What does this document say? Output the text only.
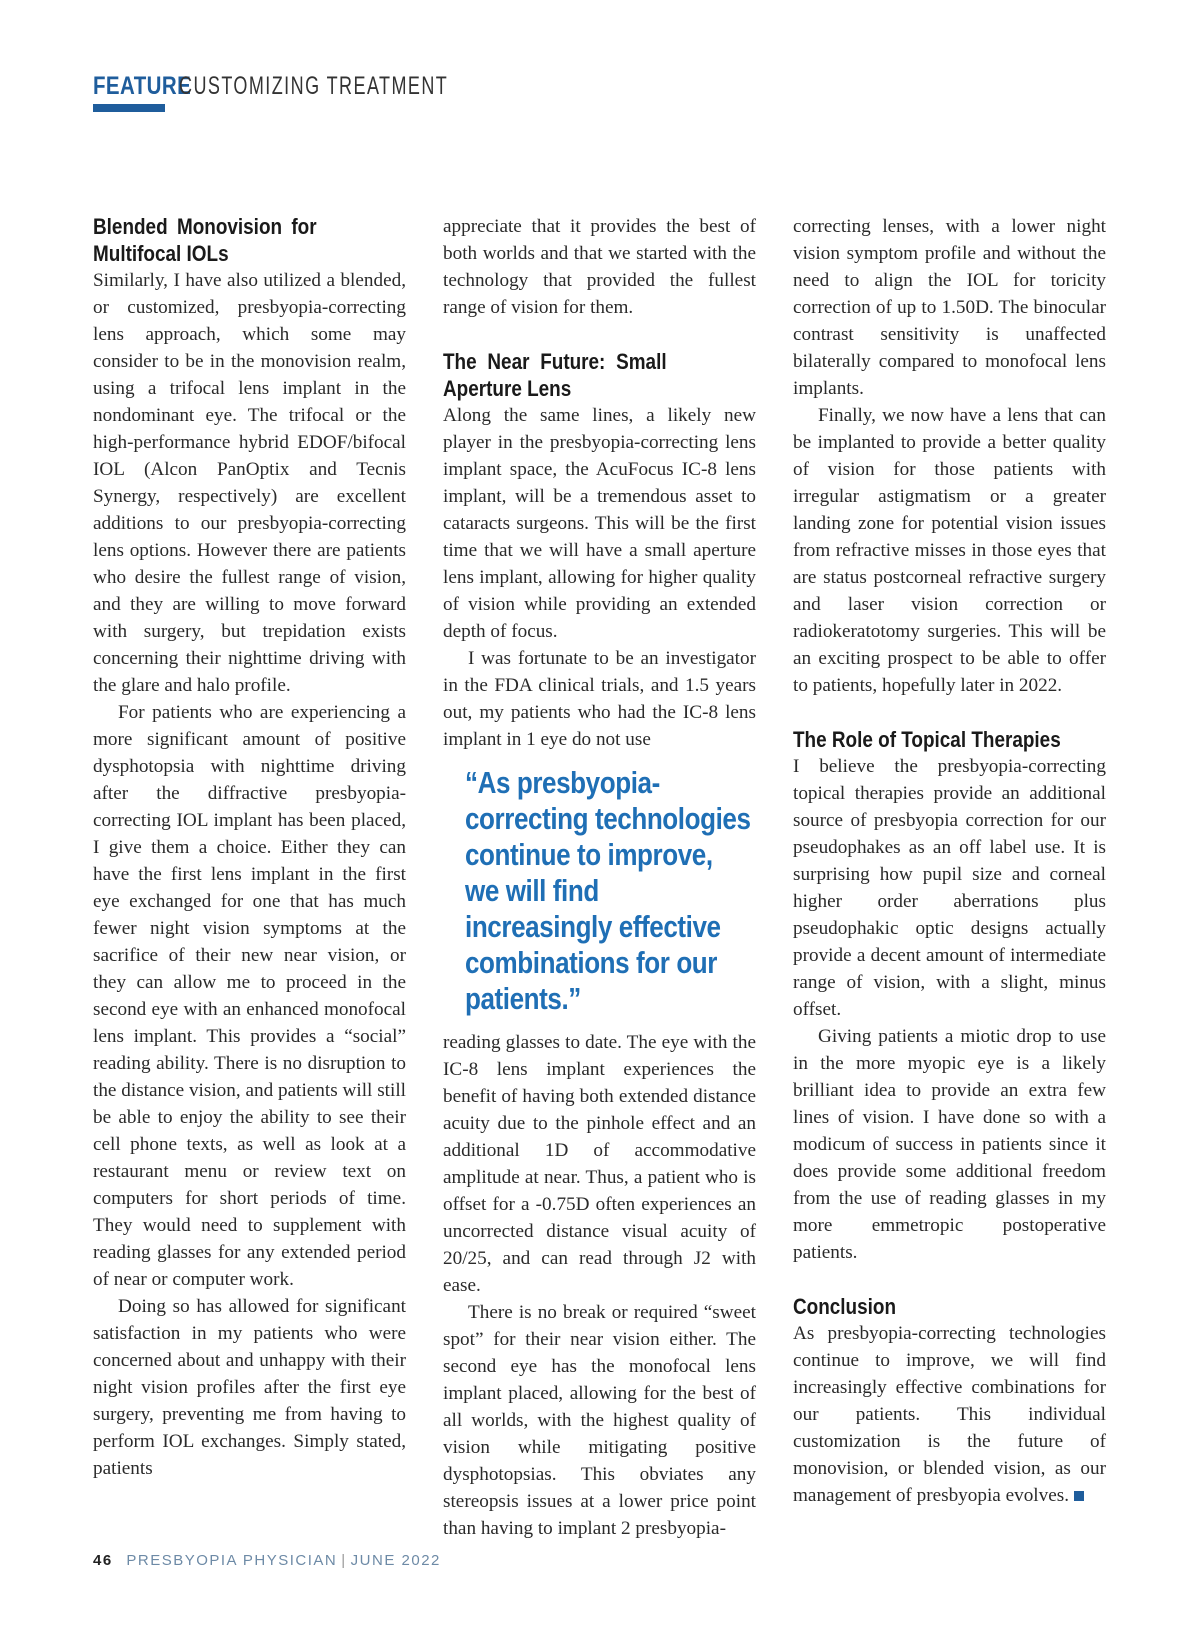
FEATURE
CUSTOMIZING TREATMENT
Blended Monovision for Multifocal IOLs

Similarly, I have also utilized a blended, or customized, presbyopia-correcting lens approach, which some may consider to be in the monovision realm, using a trifocal lens implant in the nondominant eye. The trifocal or the high-performance hybrid EDOF/bifocal IOL (Alcon PanOptix and Tecnis Synergy, respectively) are excellent additions to our presbyopia-correcting lens options. However there are patients who desire the fullest range of vision, and they are willing to move forward with surgery, but trepidation exists concerning their nighttime driving with the glare and halo profile.

For patients who are experiencing a more significant amount of positive dysphotopsia with nighttime driving after the diffractive presbyopia-correcting IOL implant has been placed, I give them a choice. Either they can have the first lens implant in the first eye exchanged for one that has much fewer night vision symptoms at the sacrifice of their new near vision, or they can allow me to proceed in the second eye with an enhanced monofocal lens implant. This provides a “social” reading ability. There is no disruption to the distance vision, and patients will still be able to enjoy the ability to see their cell phone texts, as well as look at a restaurant menu or review text on computers for short periods of time. They would need to supplement with reading glasses for any extended period of near or computer work.

Doing so has allowed for significant satisfaction in my patients who were concerned about and unhappy with their night vision profiles after the first eye surgery, preventing me from having to perform IOL exchanges. Simply stated, patients

appreciate that it provides the best of both worlds and that we started with the technology that provided the fullest range of vision for them.

The Near Future: Small Aperture Lens

Along the same lines, a likely new player in the presbyopia-correcting lens implant space, the AcuFocus IC-8 lens implant, will be a tremendous asset to cataracts surgeons. This will be the first time that we will have a small aperture lens implant, allowing for higher quality of vision while providing an extended depth of focus.

I was fortunate to be an investigator in the FDA clinical trials, and 1.5 years out, my patients who had the IC-8 lens implant in 1 eye do not use

“As presbyopia-correcting technologies continue to improve, we will find increasingly effective combinations for our patients.”

reading glasses to date. The eye with the IC-8 lens implant experiences the benefit of having both extended distance acuity due to the pinhole effect and an additional 1D of accommodative amplitude at near. Thus, a patient who is offset for a -0.75D often experiences an uncorrected distance visual acuity of 20/25, and can read through J2 with ease.

There is no break or required “sweet spot” for their near vision either. The second eye has the monofocal lens implant placed, allowing for the best of all worlds, with the highest quality of vision while mitigating positive dysphotopsias. This obviates any stereopsis issues at a lower price point than having to implant 2 presbyopia-

correcting lenses, with a lower night vision symptom profile and without the need to align the IOL for toricity correction of up to 1.50D. The binocular contrast sensitivity is unaffected bilaterally compared to monofocal lens implants.

Finally, we now have a lens that can be implanted to provide a better quality of vision for those patients with irregular astigmatism or a greater landing zone for potential vision issues from refractive misses in those eyes that are status postcorneal refractive surgery and laser vision correction or radiokeratotomy surgeries. This will be an exciting prospect to be able to offer to patients, hopefully later in 2022.

The Role of Topical Therapies

I believe the presbyopia-correcting topical therapies provide an additional source of presbyopia correction for our pseudophakes as an off label use. It is surprising how pupil size and corneal higher order aberrations plus pseudophakic optic designs actually provide a decent amount of intermediate range of vision, with a slight, minus offset.

Giving patients a miotic drop to use in the more myopic eye is a likely brilliant idea to provide an extra few lines of vision. I have done so with a modicum of success in patients since it does provide some additional freedom from the use of reading glasses in my more emmetropic postoperative patients.

Conclusion

As presbyopia-correcting technologies continue to improve, we will find increasingly effective combinations for our patients. This individual customization is the future of monovision, or blended vision, as our management of presbyopia evolves.

46 PRESBYOPIA PHYSICIAN | JUNE 2022
